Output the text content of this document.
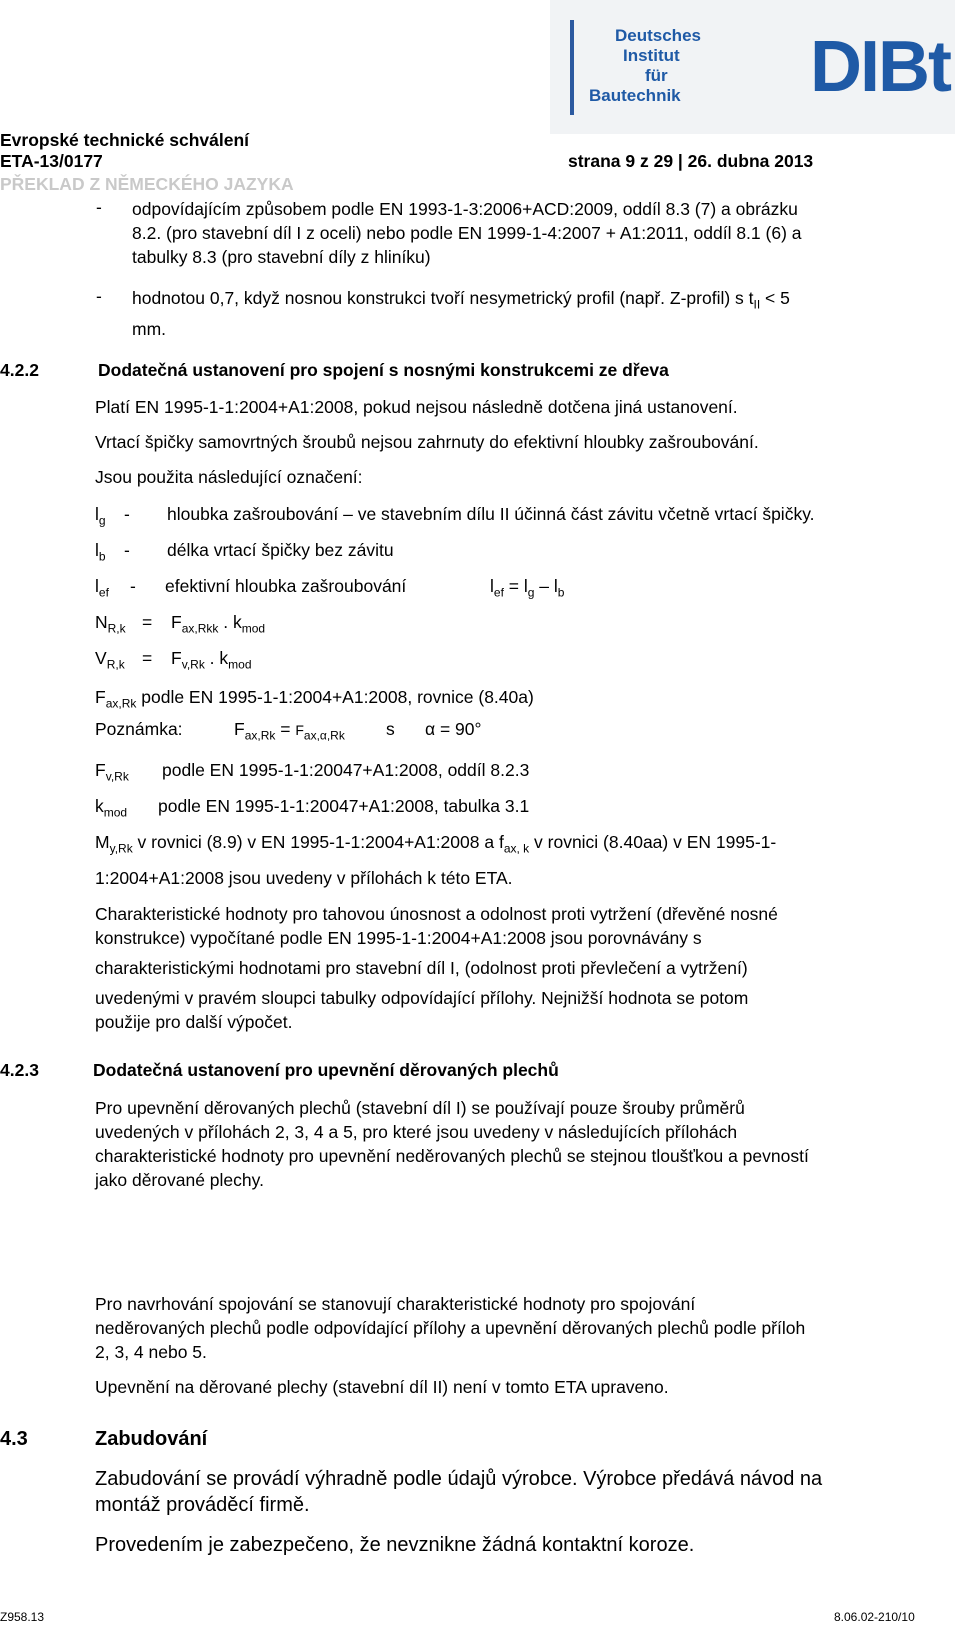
Deutsches
Institut
für
Bautechnik DIBt
Evropské technické schválení
ETA-13/0177	strana 9 z 29 | 26. dubna 2013
PŘEKLAD Z NĚMECKÉHO JAZYKA
- odpovídajícím způsobem podle EN 1993-1-3:2006+ACD:2009, oddíl 8.3 (7) a obrázku
8.2. (pro stavební díl I z oceli) nebo podle EN 1999-1-4:2007 + A1:2011, oddíl 8.1 (6) a
tabulky 8.3 (pro stavební díly z hliníku)
- hodnotou 0,7, když nosnou konstrukci tvoří nesymetrický profil (např. Z-profil) s $t_{II} < 5$
mm.
4.2.2	Dodatečná ustanovení pro spojení s nosnými konstrukcemi ze dřeva
Platí EN 1995-1-1:2004+A1:2008, pokud nejsou následně dotčena jiná ustanovení.
Vrtací špičky samovrtných šroubů nejsou zahrnuty do efektivní hloubky zašroubování.
Jsou použita následující označení:
$l_g$ - hloubka zašroubování – ve stavebním dílu II účinná část závitu včetně vrtací špičky.
$l_b$ - délka vrtací špičky bez závitu
$l_{ef}$ - efektivní hloubka zašroubování	$l_{ef} = l_g - l_b$
$N_{R,k} = F_{ax,Rkk}$ . $k_{mod}$
$V_{R,k} = F_{v,Rk}$ . $k_{mod}$
$F_{ax,Rk}$ podle EN 1995-1-1:2004+A1:2008, rovnice (8.40a)
Poznámka:	$F_{ax,Rk} = F_{ax,\alpha,Rk}$ s α = 90°
$F_{v,Rk}$ podle EN 1995-1-1:20047+A1:2008, oddíl 8.2.3
$k_{mod}$ podle EN 1995-1-1:20047+A1:2008, tabulka 3.1
$M_{y,Rk}$ v rovnici (8.9) v EN 1995-1-1:2004+A1:2008 a $f_{ax, k}$ v rovnici (8.40aa) v EN 1995-1-
1:2004+A1:2008 jsou uvedeny v přílohách k této ETA.
Charakteristické hodnoty pro tahovou únosnost a odolnost proti vytržení (dřevěné nosné
konstrukce) vypočítané podle EN 1995-1-1:2004+A1:2008 jsou porovnávány s
charakteristickými hodnotami pro stavební díl I, (odolnost proti převlečení a vytržení)
uvedenými v pravém sloupci tabulky odpovídající přílohy. Nejnižší hodnota se potom
použije pro další výpočet.
4.2.3	Dodatečná ustanovení pro upevnění děrovaných plechů
Pro upevnění děrovaných plechů (stavební díl I) se používají pouze šrouby průměrů
uvedených v přílohách 2, 3, 4 a 5, pro které jsou uvedeny v následujících přílohách
charakteristické hodnoty pro upevnění neděrovaných plechů se stejnou tloušťkou a pevností
jako děrované plechy.
Pro navrhování spojování se stanovují charakteristické hodnoty pro spojování
neděrovaných plechů podle odpovídající přílohy a upevnění děrovaných plechů podle příloh
2, 3, 4 nebo 5.
Upevnění na děrované plechy (stavební díl II) není v tomto ETA upraveno.
4.3	Zabudování
Zabudování se provádí výhradně podle údajů výrobce. Výrobce předává návod na
montáž prováděcí firmě.
Provedením je zabezpečeno, že nevznikne žádná kontaktní koroze.
Z958.13	8.06.02-210/10
